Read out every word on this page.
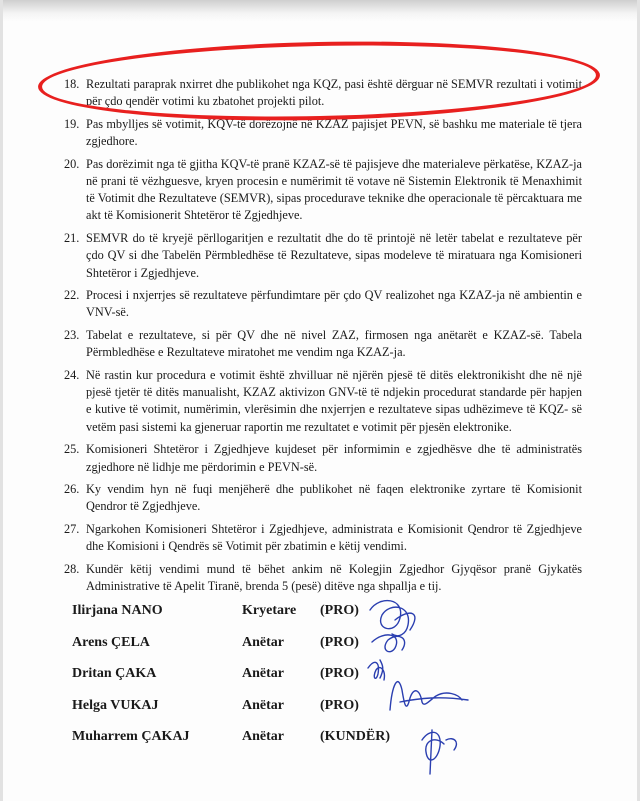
18. Rezultati paraprak nxirret dhe publikohet nga KQZ, pasi është dërguar në SEMVR rezultati i votimit për çdo qendër votimi ku zbatohet projekti pilot.
19. Pas mbylljes së votimit, KQV-të dorëzojnë në KZAZ pajisjet PEVN, së bashku me materiale të tjera zgjedhore.
20. Pas dorëzimit nga të gjitha KQV-të pranë KZAZ-së të pajisjeve dhe materialeve përkatëse, KZAZ-ja në prani të vëzhguesve, kryen procesin e numërimit të votave në Sistemin Elektronik të Menaxhimit të Votimit dhe Rezultateve (SEMVR), sipas procedurave teknike dhe operacionale të përcaktuara me akt të Komisionerit Shtetëror të Zgjedhjeve.
21. SEMVR do të kryejë përllogaritjen e rezultatit dhe do të printojë në letër tabelat e rezultateve për çdo QV si dhe Tabelën Përmbledhëse të Rezultateve, sipas modeleve të miratuara nga Komisioneri Shtetëror i Zgjedhjeve.
22. Procesi i nxjerrjes së rezultateve përfundimtare për çdo QV realizohet nga KZAZ-ja në ambientin e VNV-së.
23. Tabelat e rezultateve, si për QV dhe në nivel ZAZ, firmosen nga anëtarët e KZAZ-së. Tabela Përmbledhëse e Rezultateve miratohet me vendim nga KZAZ-ja.
24. Në rastin kur procedura e votimit është zhvilluar në njërën pjesë të ditës elektronikisht dhe në një pjesë tjetër të ditës manualisht, KZAZ aktivizon GNV-të të ndjekin procedurat standarde për hapjen e kutive të votimit, numërimin, vlerësimin dhe nxjerrjen e rezultateve sipas udhëzimeve të KQZ- së vetëm pasi sistemi ka gjeneruar raportin me rezultatet e votimit për pjesën elektronike.
25. Komisioneri Shtetëror i Zgjedhjeve kujdeset për informimin e zgjedhësve dhe të administratës zgjedhore në lidhje me përdorimin e PEVN-së.
26. Ky vendim hyn në fuqi menjëherë dhe publikohet në faqen elektronike zyrtare të Komisionit Qendror të Zgjedhjeve.
27. Ngarkohen Komisioneri Shtetëror i Zgjedhjeve, administrata e Komisionit Qendror të Zgjedhjeve dhe Komisioni i Qendrës së Votimit për zbatimin e këtij vendimi.
28. Kundër këtij vendimi mund të bëhet ankim në Kolegjin Zgjedhor Gjyqësor pranë Gjykatës Administrative të Apelit Tiranë, brenda 5 (pesë) ditëve nga shpallja e tij.
Ilirjana NANO	Kryetare (PRO)
Arens ÇELA	Anëtar	(PRO)
Dritan ÇAKA	Anëtar	(PRO)
Helga VUKAJ	Anëtar	(PRO)
Muharrem ÇAKAJ	Anëtar	(KUNDËR)
